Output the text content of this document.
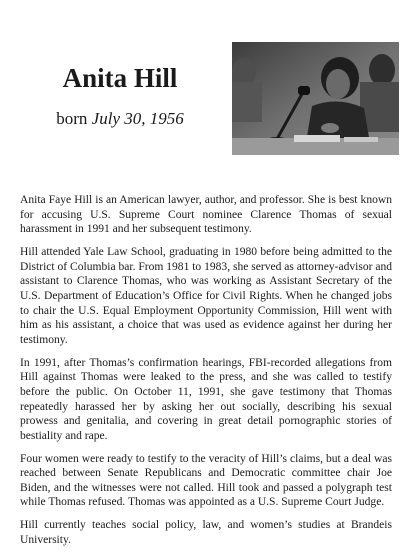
Anita Hill
born July 30, 1956

Anita Faye Hill is an American lawyer, author, and professor. She is best known for accusing U.S. Supreme Court nominee Clarence Thomas of sexual harassment in 1991 and her subsequent testimony.

Hill attended Yale Law School, graduating in 1980 before being admitted to the District of Columbia bar. From 1981 to 1983, she served as attorney-advisor and assistant to Clarence Thomas, who was working as Assistant Secretary of the U.S. Department of Education’s Office for Civil Rights. When he changed jobs to chair the U.S. Equal Employment Opportunity Commission, Hill went with him as his assistant, a choice that was used as evidence against her during her testimony.

In 1991, after Thomas’s confirmation hearings, FBI-recorded allegations from Hill against Thomas were leaked to the press, and she was called to testify before the public. On October 11, 1991, she gave testimony that Thomas repeatedly harassed her by asking her out socially, describing his sexual prowess and genitalia, and covering in great detail pornographic stories of bestiality and rape.

Four women were ready to testify to the veracity of Hill’s claims, but a deal was reached between Senate Republicans and Democratic committee chair Joe Biden, and the witnesses were not called. Hill took and passed a polygraph test while Thomas refused. Thomas was appointed as a U.S. Supreme Court Judge.

Hill currently teaches social policy, law, and women’s studies at Brandeis University.
